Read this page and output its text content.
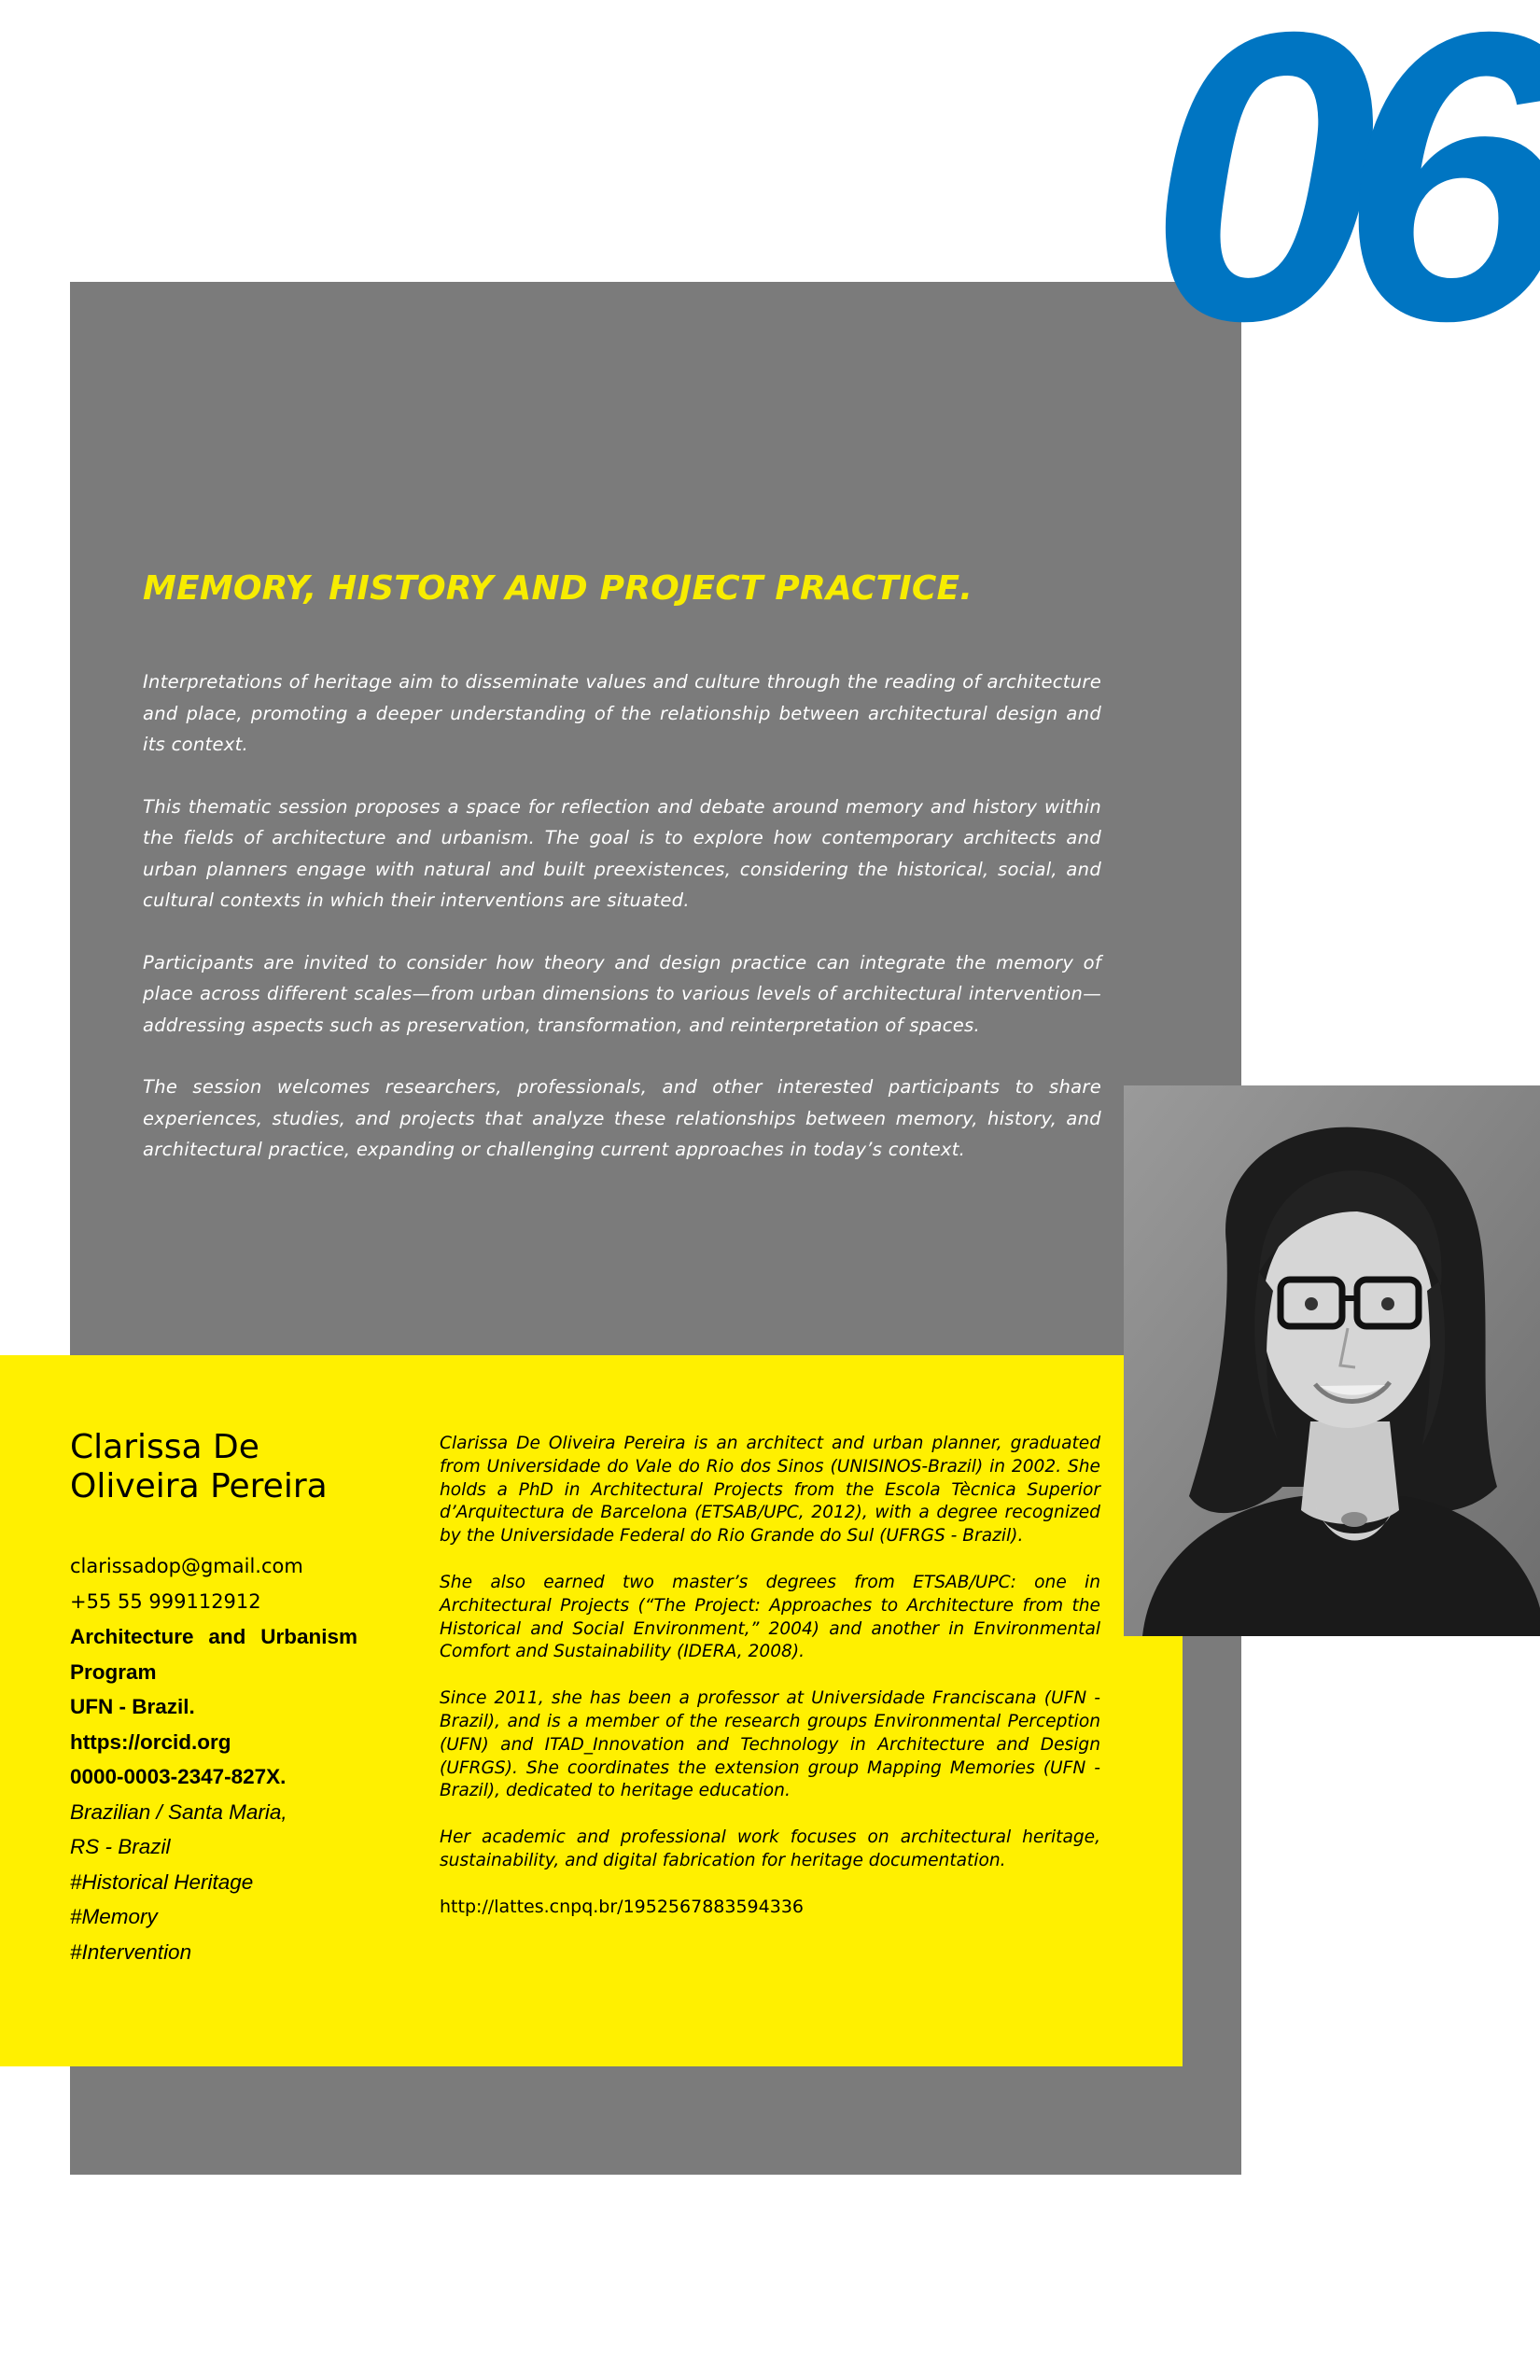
06
MEMORY, HISTORY AND PROJECT PRACTICE.

Interpretations of heritage aim to disseminate values and culture through the reading of architecture and place, promoting a deeper understanding of the relationship between architectural design and its context.

This thematic session proposes a space for reflection and debate around memory and history within the fields of architecture and urbanism. The goal is to explore how contemporary architects and urban planners engage with natural and built preexistences, considering the historical, social, and cultural contexts in which their interventions are situated.

Participants are invited to consider how theory and design practice can integrate the memory of place across different scales—from urban dimensions to various levels of architectural intervention—addressing aspects such as preservation, transformation, and reinterpretation of spaces.

The session welcomes researchers, professionals, and other interested participants to share experiences, studies, and projects that analyze these relationships between memory, history, and architectural practice, expanding or challenging current approaches in today’s context.

Clarissa De Oliveira Pereira
clarissadop@gmail.com
+55 55 999112912
Architecture and Urbanism Program
UFN - Brazil.
https://orcid.org
0000-0003-2347-827X.
Brazilian / Santa Maria,
RS - Brazil
#Historical Heritage
#Memory
#Intervention

Clarissa De Oliveira Pereira is an architect and urban planner, graduated from Universidade do Vale do Rio dos Sinos (UNISINOS-Brazil) in 2002. She holds a PhD in Architectural Projects from the Escola Tècnica Superior d’Arquitectura de Barcelona (ETSAB/UPC, 2012), with a degree recognized by the Universidade Federal do Rio Grande do Sul (UFRGS - Brazil).

She also earned two master’s degrees from ETSAB/UPC: one in Architectural Projects (“The Project: Approaches to Architecture from the Historical and Social Environment,” 2004) and another in Environmental Comfort and Sustainability (IDERA, 2008).

Since 2011, she has been a professor at Universidade Franciscana (UFN - Brazil), and is a member of the research groups Environmental Perception (UFN) and ITAD_Innovation and Technology in Architecture and Design (UFRGS). She coordinates the extension group Mapping Memories (UFN - Brazil), dedicated to heritage education.

Her academic and professional work focuses on architectural heritage, sustainability, and digital fabrication for heritage documentation.

http://lattes.cnpq.br/1952567883594336
